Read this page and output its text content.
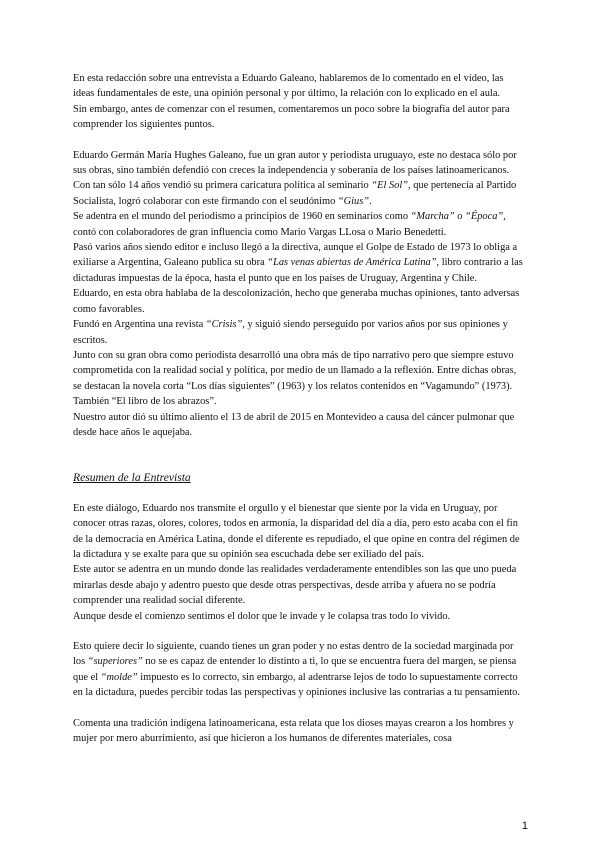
En esta redacción sobre una entrevista a Eduardo Galeano, hablaremos de lo comentado en el vídeo, las ideas fundamentales de este, una opinión personal y por último, la relación con lo explicado en el aula.

Sin embargo, antes de comenzar con el resumen, comentaremos un poco sobre la biografía del autor para comprender los siguientes puntos.

Eduardo Germán María Hughes Galeano, fue un gran autor y periodista uruguayo, este no destaca sólo por sus obras, sino también defendió con creces la independencia y soberanía de los países latinoamericanos.

Con tan sólo 14 años vendió su primera caricatura política al seminario “El Sol”, que pertenecía al Partido Socialista, logró colaborar con este firmando con el seudónimo “Gius”.

Se adentra en el mundo del periodismo a principios de 1960 en seminarios como “Marcha” o “Época”, contó con colaboradores de gran influencia como Mario Vargas LLosa o Mario Benedetti.

Pasó varios años siendo editor e incluso llegó a la directiva, aunque el Golpe de Estado de 1973 lo obliga a exiliarse a Argentina, Galeano publica su obra “Las venas abiertas de América Latina”, libro contrario a las dictaduras impuestas de la época, hasta el punto que en los países de Uruguay, Argentina y Chile.

Eduardo, en esta obra hablaba de la descolonización, hecho que generaba muchas opiniones, tanto adversas como favorables.

Fundó en Argentina una revista “Crisis”, y siguió siendo perseguido por varios años por sus opiniones y escritos.

Junto con su gran obra como periodista desarrolló una obra más de tipo narrativo pero que siempre estuvo comprometida con la realidad social y política, por medio de un llamado a la reflexión. Entre dichas obras, se destacan la novela corta “Los días siguientes” (1963) y los relatos contenidos en “Vagamundo” (1973). También “El libro de los abrazos”.

Nuestro autor dió su último aliento el 13 de abril de 2015 en Montevideo a causa del cáncer pulmonar que desde hace años le aquejaba.

Resumen de la Entrevista

En este diálogo, Eduardo nos transmite el orgullo y el bienestar que siente por la vida en Uruguay, por conocer otras razas, olores, colores, todos en armonía, la disparidad del día a día, pero esto acaba con el fin de la democracia en América Latina, donde el diferente es repudiado, el que opine en contra del régimen de la dictadura y se exalte para que su opinión sea escuchada debe ser exiliado del país.

Este autor se adentra en un mundo donde las realidades verdaderamente entendibles son las que uno pueda mirarlas desde abajo y adentro puesto que desde otras perspectivas, desde arriba y afuera no se podría comprender una realidad social diferente.

Aunque desde el comienzo sentimos el dolor que le invade y le colapsa tras todo lo vivido.

Esto quiere decir lo siguiente, cuando tienes un gran poder y no estas dentro de la sociedad marginada por los “superiores” no se es capaz de entender lo distinto a ti, lo que se encuentra fuera del margen, se piensa que el “molde” impuesto es lo correcto, sin embargo, al adentrarse lejos de todo lo supuestamente correcto en la dictadura, puedes percibir todas las perspectivas y opiniones inclusive las contrarias a tu pensamiento.

Comenta una tradición indígena latinoamericana, esta relata que los dioses mayas crearon a los hombres y mujer por mero aburrimiento, así que hicieron a los humanos de diferentes materiales, cosa

1
